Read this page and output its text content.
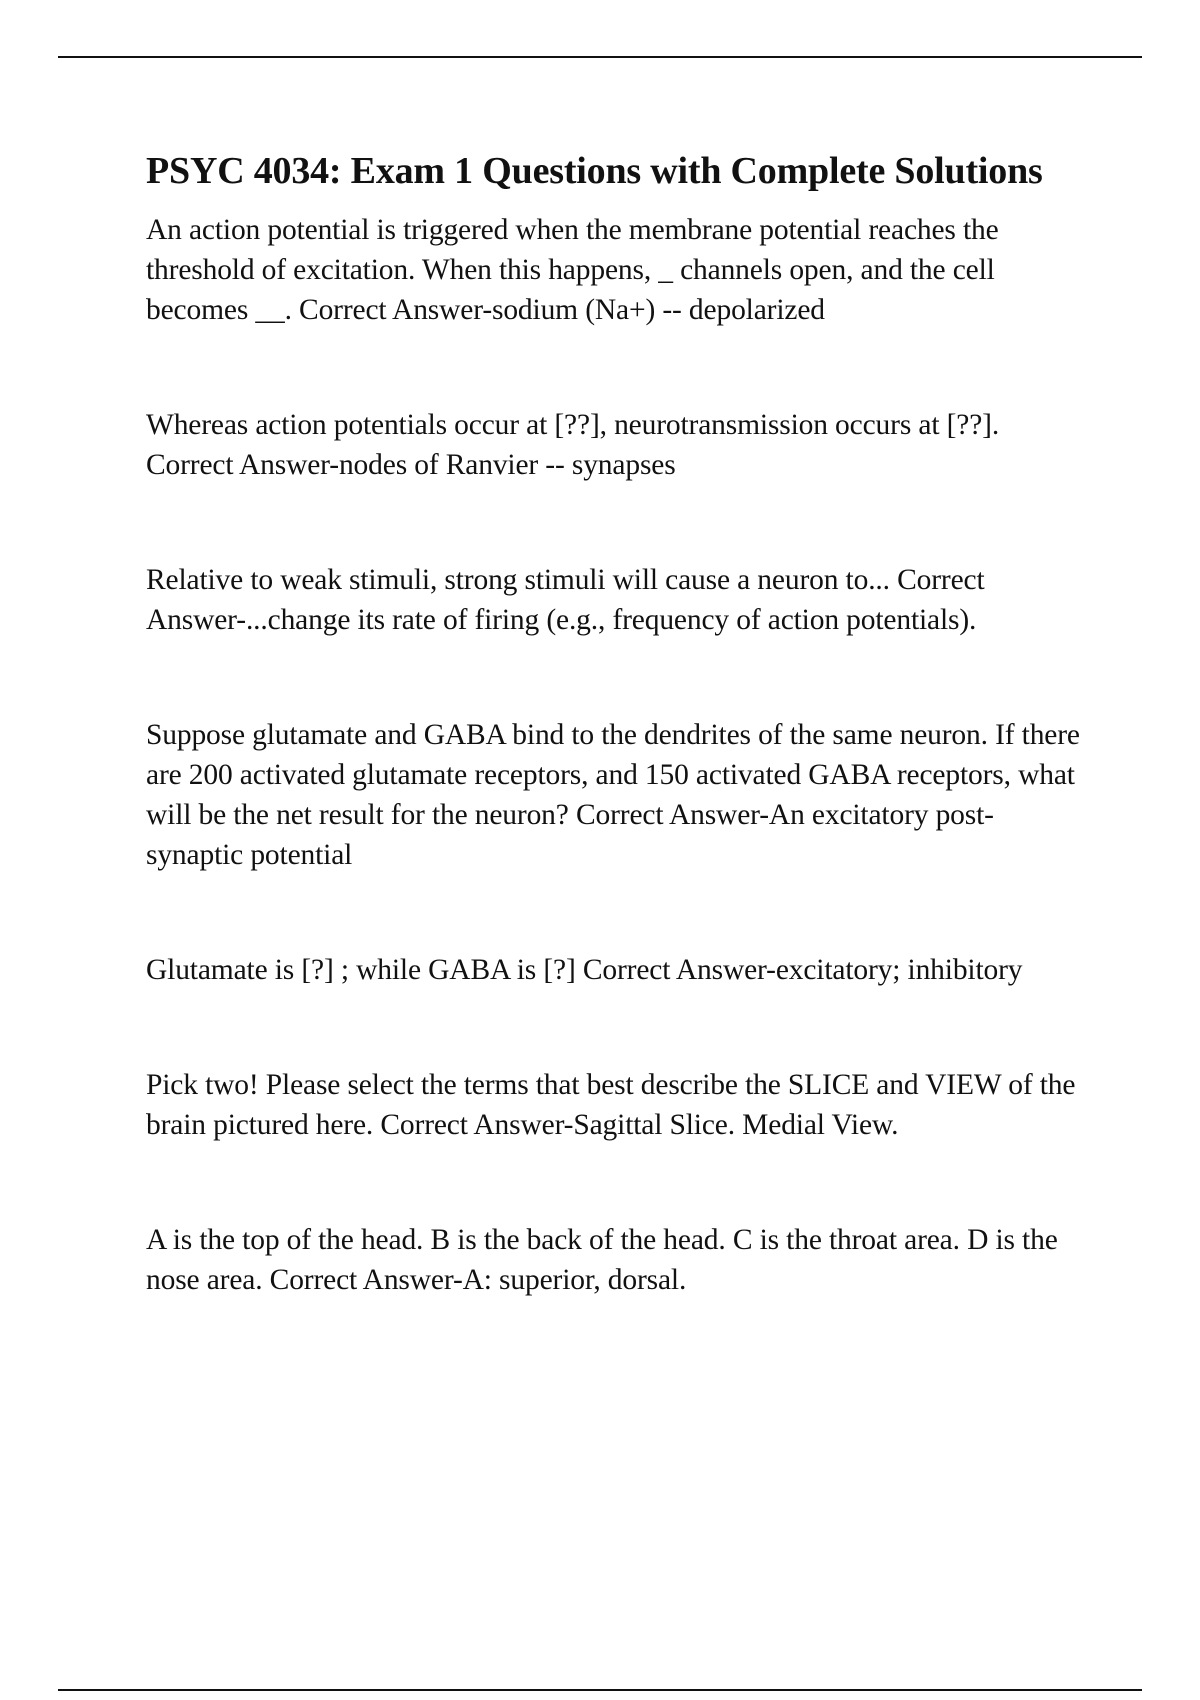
PSYC 4034: Exam 1 Questions with Complete Solutions

An action potential is triggered when the membrane potential reaches the threshold of excitation. When this happens, _ channels open, and the cell becomes __. Correct Answer-sodium (Na+) -- depolarized

Whereas action potentials occur at [??], neurotransmission occurs at [??]. Correct Answer-nodes of Ranvier -- synapses

Relative to weak stimuli, strong stimuli will cause a neuron to... Correct Answer-...change its rate of firing (e.g., frequency of action potentials).

Suppose glutamate and GABA bind to the dendrites of the same neuron. If there are 200 activated glutamate receptors, and 150 activated GABA receptors, what will be the net result for the neuron? Correct Answer-An excitatory post-synaptic potential

Glutamate is [?] ; while GABA is [?] Correct Answer-excitatory; inhibitory

Pick two! Please select the terms that best describe the SLICE and VIEW of the brain pictured here. Correct Answer-Sagittal Slice. Medial View.

A is the top of the head. B is the back of the head. C is the throat area. D is the nose area. Correct Answer-A: superior, dorsal.
